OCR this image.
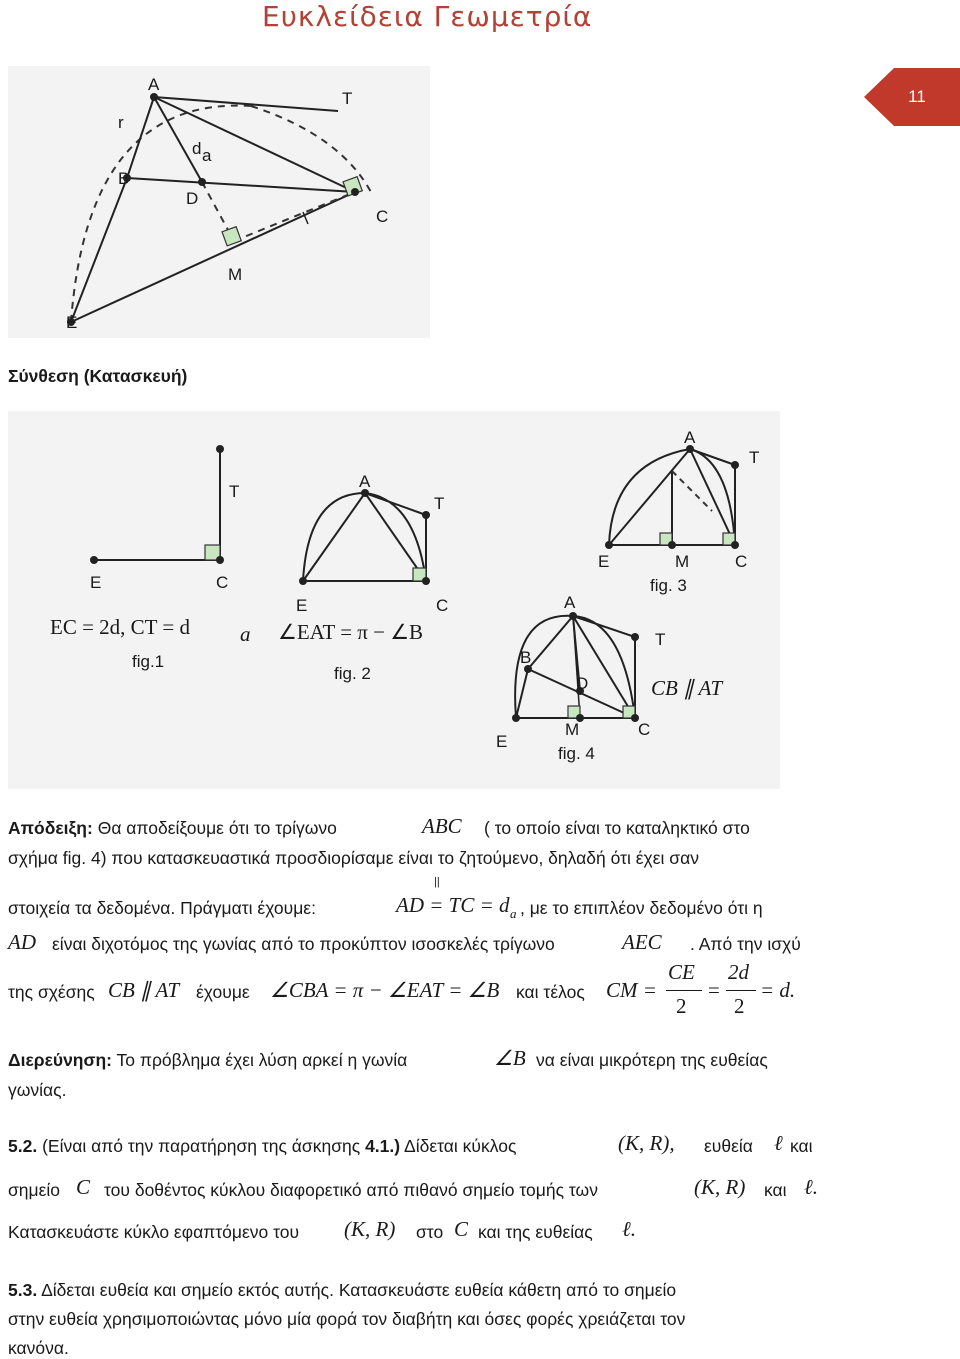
Ευκλείδεια Γεωμετρία
11
A
T
r
d a
B
D
C
M
E
Σύνθεση (Κατασκευή)
E	C
T
EC = 2d, CT = d a
fig.1
A
T
E	C
∠EAT = π − ∠B
fig. 2
A
T
E	M	C
fig. 3
A
T
B
D
M	C
E
CB ∥ AT
fig. 4
Απόδειξη: Θα αποδείξουμε ότι το τρίγωνο	ABC ( το οποίο είναι το καταληκτικό στο
σχήμα fig. 4) που κατασκευαστικά προσδιορίσαμε είναι το ζητούμενο, δηλαδή ότι έχει σαν
στοιχεία τα δεδομένα. Πράγματι έχουμε:
||
AD = TC = d a , με το επιπλέον δεδομένο ότι η
AD είναι διχοτόμος της γωνίας από το προκύπτον ισοσκελές τρίγωνο	AEC . Από την ισχύ
της σχέσης CB ∥ AT έχουμε ∠CBA = π − ∠EAT = ∠B και τέλος CM =
CE
2
=
2d
2
= d.
Διερεύνηση: Το πρόβλημα έχει λύση αρκεί η γωνία	∠B να είναι μικρότερη της ευθείας
γωνίας.
5.2. (Είναι από την παρατήρηση της άσκησης 4.1.) Δίδεται κύκλος	(K, R), ευθεία ℓ και
σημείο C του δοθέντος κύκλου διαφορετικό από πιθανό σημείο τομής των	(K, R) και ℓ.
Κατασκευάστε κύκλο εφαπτόμενο του (K, R) στο C και της ευθείας ℓ.
5.3. Δίδεται ευθεία και σημείο εκτός αυτής. Κατασκευάστε ευθεία κάθετη από το σημείο
στην ευθεία χρησιμοποιώντας μόνο μία φορά τον διαβήτη και όσες φορές χρειάζεται τον
κανόνα.
